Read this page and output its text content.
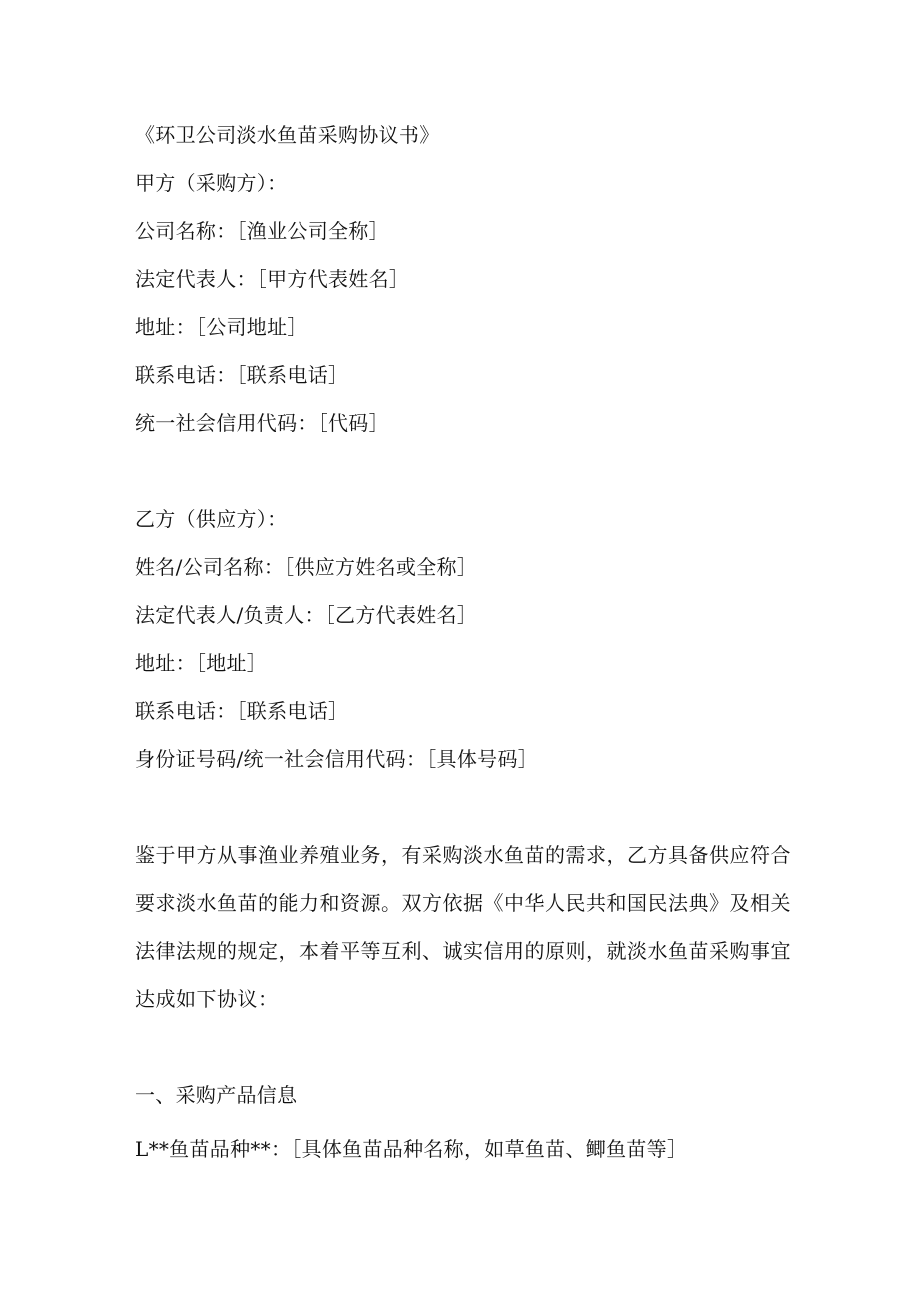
《环卫公司淡水鱼苗采购协议书》
甲方（采购方）：
公司名称：［渔业公司全称］
法定代表人：［甲方代表姓名］
地址：［公司地址］
联系电话：［联系电话］
统一社会信用代码：［代码］
乙方（供应方）：
姓名/公司名称：［供应方姓名或全称］
法定代表人/负责人：［乙方代表姓名］
地址：［地址］
联系电话：［联系电话］
身份证号码/统一社会信用代码：［具体号码］
鉴于甲方从事渔业养殖业务，有采购淡水鱼苗的需求，乙方具备供应符合
要求淡水鱼苗的能力和资源。双方依据《中华人民共和国民法典》及相关
法律法规的规定，本着平等互利、诚实信用的原则，就淡水鱼苗采购事宜
达成如下协议：
一、采购产品信息
L**鱼苗品种**：［具体鱼苗品种名称，如草鱼苗、鲫鱼苗等］
